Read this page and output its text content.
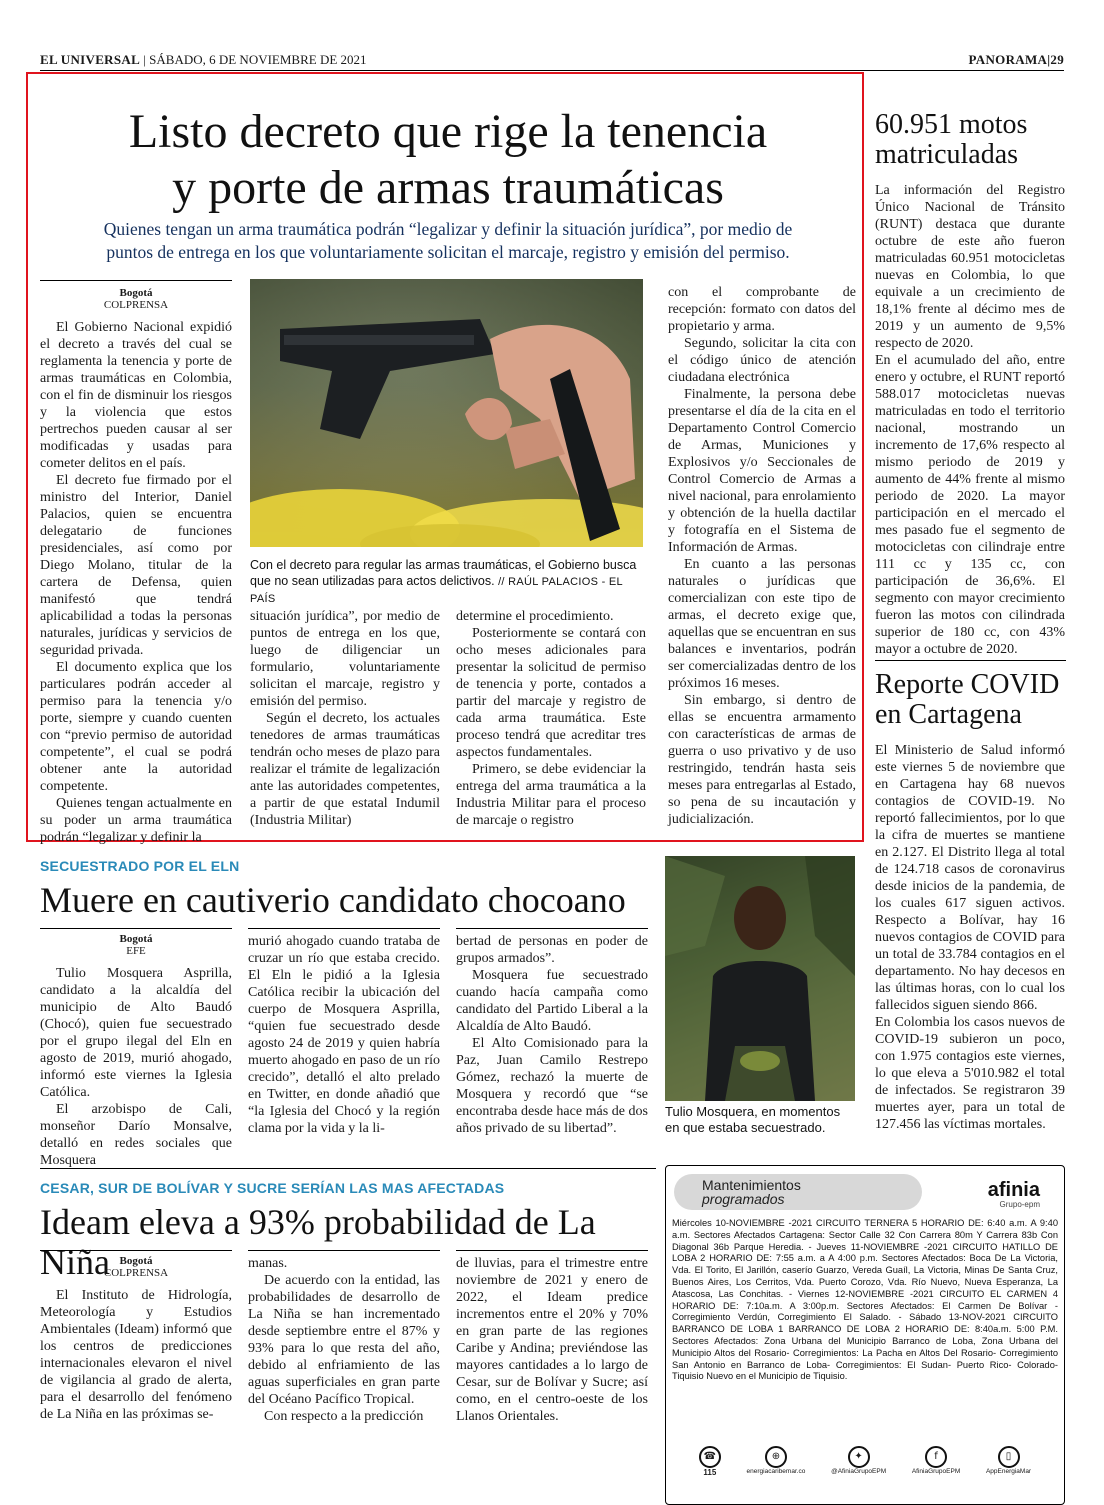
EL UNIVERSAL | SÁBADO, 6 DE NOVIEMBRE DE 2021	PANORAMA|29
Listo decreto que rige la tenencia
y porte de armas traumáticas
Quienes tengan un arma traumática podrán “legalizar y definir la situación jurídica”, por medio de
puntos de entrega en los que voluntariamente solicitan el marcaje, registro y emisión del permiso.
Bogotá
COLPRENSA

El Gobierno Nacional expidió el decreto a través del cual se reglamenta la tenencia y porte de armas traumáticas en Colombia, con el fin de disminuir los riesgos y la violencia que estos pertrechos pueden causar al ser modificadas y usadas para cometer delitos en el país.

El decreto fue firmado por el ministro del Interior, Daniel Palacios, quien se encuentra delegatario de funciones presidenciales, así como por Diego Molano, titular de la cartera de Defensa, quien manifestó que tendrá aplicabilidad a todas la personas naturales, jurídicas y servicios de seguridad privada.

El documento explica que los particulares podrán acceder al permiso para la tenencia y/o porte, siempre y cuando cuenten con “previo permiso de autoridad competente”, el cual se podrá obtener ante la autoridad competente.

Quienes tengan actualmente en su poder un arma traumática podrán “legalizar y definir la

Con el decreto para regular las armas traumáticas, el Gobierno busca que no sean utilizadas para actos delictivos. // RAÚL PALACIOS - EL PAÍS

situación jurídica”, por medio de puntos de entrega en los que, luego de diligenciar un formulario, voluntariamente solicitan el marcaje, registro y emisión del permiso.

Según el decreto, los actuales tenedores de armas traumáticas tendrán ocho meses de plazo para realizar el trámite de legalización ante las autoridades competentes, a partir de que estatal Indumil (Industria Militar)

determine el procedimiento.

Posteriormente se contará con ocho meses adicionales para presentar la solicitud de permiso de tenencia y porte, contados a partir del marcaje y registro de cada arma traumática. Este proceso tendrá que acreditar tres aspectos fundamentales.

Primero, se debe evidenciar la entrega del arma traumática a la Industria Militar para el proceso de marcaje o registro

con el comprobante de recepción: formato con datos del propietario y arma.

Segundo, solicitar la cita con el código único de atención ciudadana electrónica

Finalmente, la persona debe presentarse el día de la cita en el Departamento Control Comercio de Armas, Municiones y Explosivos y/o Seccionales de Control Comercio de Armas a nivel nacional, para enrolamiento y obtención de la huella dactilar y fotografía en el Sistema de Información de Armas.

En cuanto a las personas naturales o jurídicas que comercializan con este tipo de armas, el decreto exige que, aquellas que se encuentran en sus balances e inventarios, podrán ser comercializadas dentro de los próximos 16 meses.

Sin embargo, si dentro de ellas se encuentra armamento con características de armas de guerra o uso privativo y de uso restringido, tendrán hasta seis meses para entregarlas al Estado, so pena de su incautación y judicialización.

60.951 motos
matriculadas

La información del Registro Único Nacional de Tránsito (RUNT) destaca que durante octubre de este año fueron matriculadas 60.951 motocicletas nuevas en Colombia, lo que equivale a un crecimiento de 18,1% frente al décimo mes de 2019 y un aumento de 9,5% respecto de 2020.

En el acumulado del año, entre enero y octubre, el RUNT reportó 588.017 motocicletas nuevas matriculadas en todo el territorio nacional, mostrando un incremento de 17,6% respecto al mismo periodo de 2019 y aumento de 44% frente al mismo periodo de 2020. La mayor participación en el mercado el mes pasado fue el segmento de motocicletas con cilindraje entre 111 cc y 135 cc, con participación de 36,6%. El segmento con mayor crecimiento fueron las motos con cilindrada superior de 180 cc, con 43% mayor a octubre de 2020.

Reporte COVID
en Cartagena

El Ministerio de Salud informó este viernes 5 de noviembre que en Cartagena hay 68 nuevos contagios de COVID-19. No reportó fallecimientos, por lo que la cifra de muertes se mantiene en 2.127. El Distrito llega al total de 124.718 casos de coronavirus desde inicios de la pandemia, de los cuales 617 siguen activos. Respecto a Bolívar, hay 16 nuevos contagios de COVID para un total de 33.784 contagios en el departamento. No hay decesos en las últimas horas, con lo cual los fallecidos siguen siendo 866.

En Colombia los casos nuevos de COVID-19 subieron un poco, con 1.975 contagios este viernes, lo que eleva a 5'010.982 el total de infectados. Se registraron 39 muertes ayer, para un total de 127.456 las víctimas mortales.

SECUESTRADO POR EL ELN
Muere en cautiverio candidato chocoano
Bogotá
EFE

Tulio Mosquera Asprilla, candidato a la alcaldía del municipio de Alto Baudó (Chocó), quien fue secuestrado por el grupo ilegal del Eln en agosto de 2019, murió ahogado, informó este viernes la Iglesia Católica.

El arzobispo de Cali, monseñor Darío Monsalve, detalló en redes sociales que Mosquera

murió ahogado cuando trataba de cruzar un río que estaba crecido. El Eln le pidió a la Iglesia Católica recibir la ubicación del cuerpo de Mosquera Asprilla, “quien fue secuestrado desde agosto 24 de 2019 y quien habría muerto ahogado en paso de un río crecido”, detalló el alto prelado en Twitter, en donde añadió que “la Iglesia del Chocó y la región clama por la vida y la li-

bertad de personas en poder de grupos armados”.

Mosquera fue secuestrado cuando hacía campaña como candidato del Partido Liberal a la Alcaldía de Alto Baudó.

El Alto Comisionado para la Paz, Juan Camilo Restrepo Gómez, rechazó la muerte de Mosquera y recordó que “se encontraba desde hace más de dos años privado de su libertad”.

Tulio Mosquera, en momentos en que estaba secuestrado.
CESAR, SUR DE BOLÍVAR Y SUCRE SERÍAN LAS MAS AFECTADAS
Ideam eleva a 93% probabilidad de La Niña Bogotá
COLPRENSA

El Instituto de Hidrología, Meteorología y Estudios Ambientales (Ideam) informó que los centros de predicciones internacionales elevaron el nivel de vigilancia al grado de alerta, para el desarrollo del fenómeno de La Niña en las próximas se-

manas.

De acuerdo con la entidad, las probabilidades de desarrollo de La Niña se han incrementado desde septiembre entre el 87% y 93% para lo que resta del año, debido al enfriamiento de las aguas superficiales en gran parte del Océano Pacífico Tropical.

Con respecto a la predicción

de lluvias, para el trimestre entre noviembre de 2021 y enero de 2022, el Ideam predice incrementos entre el 20% y 70% en gran parte de las regiones Caribe y Andina; previéndose las mayores cantidades a lo largo de Cesar, sur de Bolívar y Sucre; así como, en el centro-oeste de los Llanos Orientales.

Mantenimientos
programados	afinia
Grupo-epm
Miércoles 10-NOVIEMBRE -2021 CIRCUITO TERNERA 5 HORARIO DE: 6:40 a.m. A 9:40 a.m. Sectores Afectados Cartagena: Sector Calle 32 Con Carrera 80m Y Carrera 83b Con Diagonal 36b Parque Heredia. - Jueves 11-NOVIEMBRE -2021 CIRCUITO HATILLO DE LOBA 2 HORARIO DE: 7:55 a.m. a A 4:00 p.m. Sectores Afectados: Boca De La Victoria, Vda. El Torito, El Jarillón, caserío Guarzo, Vereda Guaíl, La Victoria, Minas De Santa Cruz, Buenos Aires, Los Cerritos, Vda. Puerto Corozo, Vda. Río Nuevo, Nueva Esperanza, La Atascosa, Las Conchitas. - Viernes 12-NOVIEMBRE -2021 CIRCUITO EL CARMEN 4 HORARIO DE: 7:10a.m. A 3:00p.m. Sectores Afectados: El Carmen De Bolívar - Corregimiento Verdún, Corregimiento El Salado. - Sábado 13-NOV-2021 CIRCUITO BARRANCO DE LOBA 1 BARRANCO DE LOBA 2 HORARIO DE: 8:40a.m. 5:00 P.M. Sectores Afectados: Zona Urbana del Municipio Barranco de Loba, Zona Urbana del Municipio Altos del Rosario- Corregimientos: La Pacha en Altos Del Rosario- Corregimiento San Antonio en Barranco de Loba- Corregimientos: El Sudan- Puerto Rico- Colorado- Tiquisio Nuevo en el Municipio de Tiquisio.
☎
115
⊕
energiacaribemar.co
✦
@AfiniaGrupoEPM
f
AfiniaGrupoEPM
▯
AppEnergiaMar
